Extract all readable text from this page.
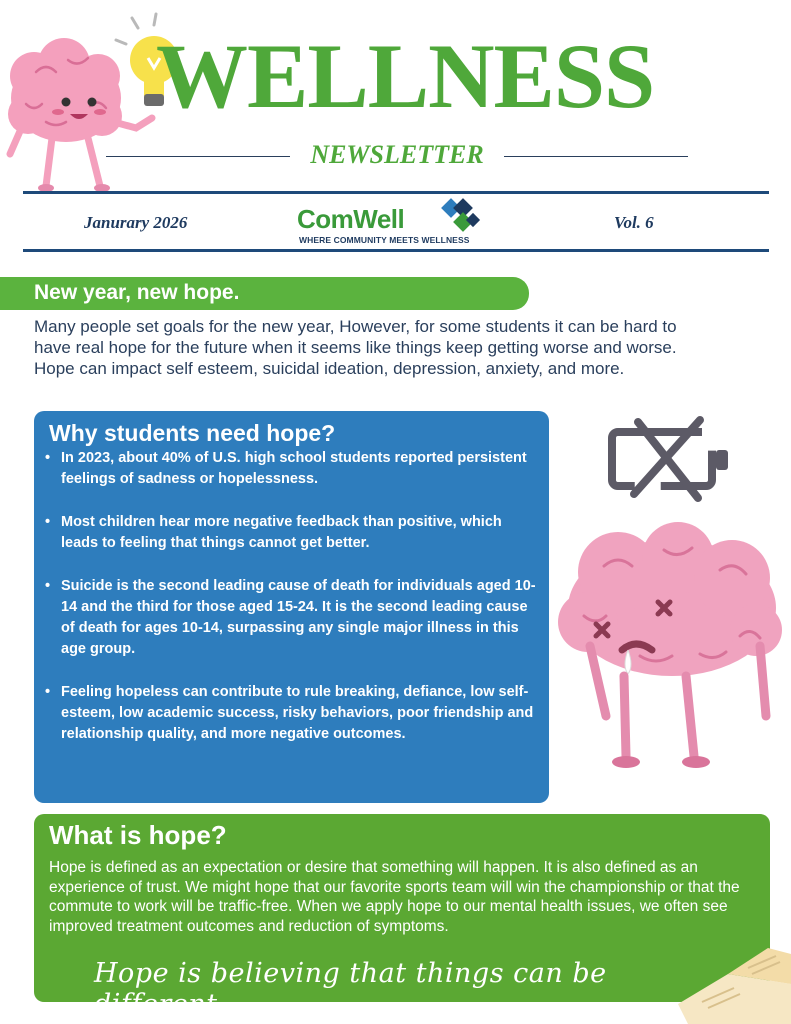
WELLNESS
NEWSLETTER
Janurary 2026	ComWell
WHERE COMMUNITY MEETS WELLNESS
Vol. 6
New year, new hope.
Many people set goals for the new year, However, for some students it can be hard to have real hope for the future when it seems like things keep getting worse and worse. Hope can impact self esteem, suicidal ideation, depression, anxiety, and more.
Why students need hope?
• In 2023, about 40% of U.S. high school students reported persistent feelings of sadness or hopelessness.
• Most children hear more negative feedback than positive, which leads to feeling that things cannot get better.
• Suicide is the second leading cause of death for individuals aged 10-14 and the third for those aged 15-24. It is the second leading cause of death for ages 10-14, surpassing any single major illness in this age group.
• Feeling hopeless can contribute to rule breaking, defiance, low self-esteem, low academic success, risky behaviors, poor friendship and relationship quality, and more negative outcomes.
What is hope?
Hope is defined as an expectation or desire that something will happen. It is also defined as an experience of trust. We might hope that our favorite sports team will win the championship or that the commute to work will be traffic-free. When we apply hope to our mental health issues, we often see improved treatment outcomes and reduction of symptoms.
Hope is believing that things can be different.
